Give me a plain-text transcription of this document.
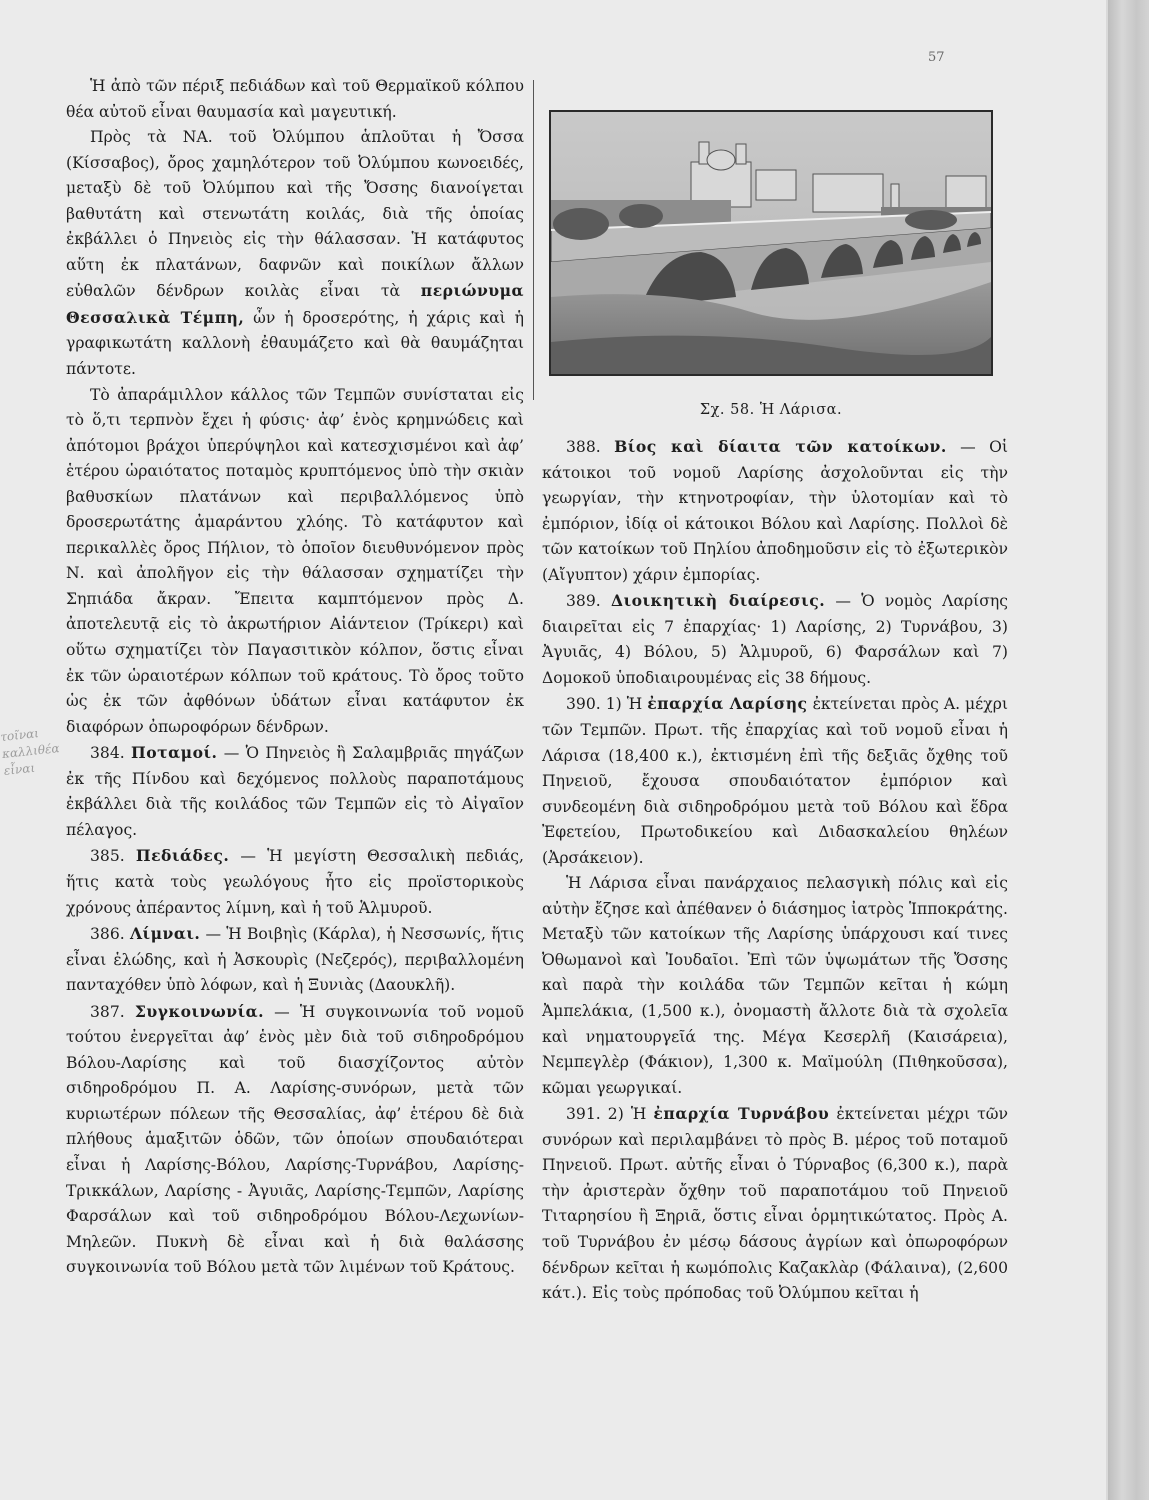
57

Ἡ ἀπὸ τῶν πέριξ πεδιάδων καὶ τοῦ Θερμαϊκοῦ κόλπου θέα αὐτοῦ εἶναι θαυμασία καὶ μαγευτική.

Πρὸς τὰ ΝΑ. τοῦ Ὀλύμπου ἁπλοῦται ἡ Ὄσσα (Κίσσαβος), ὄρος χαμηλότερον τοῦ Ὀλύμπου κωνοειδές, μεταξὺ δὲ τοῦ Ὀλύμπου καὶ τῆς Ὄσσης διανοίγεται βαθυτάτη καὶ στενωτάτη κοιλάς, διὰ τῆς ὁποίας ἐκβάλλει ὁ Πηνειὸς εἰς τὴν θάλασσαν. Ἡ κατάφυτος αὕτη ἐκ πλατάνων, δαφνῶν καὶ ποικίλων ἄλλων εὐθαλῶν δένδρων κοιλὰς εἶναι τὰ περιώνυμα Θεσσαλικὰ Τέμπη, ὧν ἡ δροσερότης, ἡ χάρις καὶ ἡ γραφικωτάτη καλλονὴ ἐθαυμάζετο καὶ θὰ θαυμάζηται πάντοτε.

Τὸ ἀπαράμιλλον κάλλος τῶν Τεμπῶν συνίσταται εἰς τὸ ὅ,τι τερπνὸν ἔχει ἡ φύσις· ἀφ’ ἑνὸς κρημνώδεις καὶ ἀπότομοι βράχοι ὑπερύψηλοι καὶ κατεσχισμένοι καὶ ἀφ’ ἑτέρου ὡραιότατος ποταμὸς κρυπτόμενος ὑπὸ τὴν σκιὰν βαθυσκίων πλατάνων καὶ περιβαλλόμενος ὑπὸ δροσερωτάτης ἀμαράντου χλόης. Τὸ κατάφυτον καὶ περικαλλὲς ὄρος Πήλιον, τὸ ὁποῖον διευθυνόμενον πρὸς Ν. καὶ ἀπολῆγον εἰς τὴν θάλασσαν σχηματίζει τὴν Σηπιάδα ἄκραν. Ἔπειτα καμπτόμενον πρὸς Δ. ἀποτελευτᾷ εἰς τὸ ἀκρωτήριον Αἰάντειον (Τρίκερι) καὶ οὕτω σχηματίζει τὸν Παγασιτικὸν κόλπον, ὅστις εἶναι ἐκ τῶν ὡραιοτέρων κόλπων τοῦ κράτους. Τὸ ὄρος τοῦτο ὡς ἐκ τῶν ἀφθόνων ὑδάτων εἶναι κατάφυτον ἐκ διαφόρων ὀπωροφόρων δένδρων.

384. Ποταμοί. — Ὁ Πηνειὸς ἢ Σαλαμβριᾶς πηγάζων ἐκ τῆς Πίνδου καὶ δεχόμενος πολλοὺς παραποτάμους ἐκβάλλει διὰ τῆς κοιλάδος τῶν Τεμπῶν εἰς τὸ Αἰγαῖον πέλαγος.

385. Πεδιάδες. — Ἡ μεγίστη Θεσσαλικὴ πεδιάς, ἥτις κατὰ τοὺς γεωλόγους ἦτο εἰς προϊστορικοὺς χρόνους ἀπέραντος λίμνη, καὶ ἡ τοῦ Ἁλμυροῦ.

386. Λίμναι. — Ἡ Βοιβηὶς (Κάρλα), ἡ Νεσσωνίς, ἥτις εἶναι ἑλώδης, καὶ ἡ Ἀσκουρὶς (Νεζερός), περιβαλλομένη πανταχόθεν ὑπὸ λόφων, καὶ ἡ Ξυνιὰς (Δαουκλῆ).

387. Συγκοινωνία. — Ἡ συγκοινωνία τοῦ νομοῦ τούτου ἐνεργεῖται ἀφ’ ἑνὸς μὲν διὰ τοῦ σιδηροδρόμου Βόλου-Λαρίσης καὶ τοῦ διασχίζοντος αὐτὸν σιδηροδρόμου Π. Α. Λαρίσης-συνόρων, μετὰ τῶν κυριωτέρων πόλεων τῆς Θεσσαλίας, ἀφ’ ἑτέρου δὲ διὰ πλήθους ἁμαξιτῶν ὁδῶν, τῶν ὁποίων σπουδαιότεραι εἶναι ἡ Λαρίσης-Βόλου, Λαρίσης-Τυρνάβου, Λαρίσης-Τρικκάλων, Λαρίσης - Ἀγυιᾶς, Λαρίσης-Τεμπῶν, Λαρίσης Φαρσάλων καὶ τοῦ σιδηροδρόμου Βόλου-Λεχωνίων-Μηλεῶν. Πυκνὴ δὲ εἶναι καὶ ἡ διὰ θαλάσσης συγκοινωνία τοῦ Βόλου μετὰ τῶν λιμένων τοῦ Κράτους.

Σχ. 58. Ἡ Λάρισα.

388. Βίος καὶ δίαιτα τῶν κατοίκων. — Οἱ κάτοικοι τοῦ νομοῦ Λαρίσης ἀσχολοῦνται εἰς τὴν γεωργίαν, τὴν κτηνοτροφίαν, τὴν ὑλοτομίαν καὶ τὸ ἐμπόριον, ἰδίᾳ οἱ κάτοικοι Βόλου καὶ Λαρίσης. Πολλοὶ δὲ τῶν κατοίκων τοῦ Πηλίου ἀποδημοῦσιν εἰς τὸ ἐξωτερικὸν (Αἴγυπτον) χάριν ἐμπορίας.

389. Διοικητικὴ διαίρεσις. — Ὁ νομὸς Λαρίσης διαιρεῖται εἰς 7 ἐπαρχίας· 1) Λαρίσης, 2) Τυρνάβου, 3) Ἀγυιᾶς, 4) Βόλου, 5) Ἁλμυροῦ, 6) Φαρσάλων καὶ 7) Δομοκοῦ ὑποδιαιρουμένας εἰς 38 δήμους.

390. 1) Ἡ ἐπαρχία Λαρίσης ἐκτείνεται πρὸς Α. μέχρι τῶν Τεμπῶν. Πρωτ. τῆς ἐπαρχίας καὶ τοῦ νομοῦ εἶναι ἡ Λάρισα (18,400 κ.), ἐκτισμένη ἐπὶ τῆς δεξιᾶς ὄχθης τοῦ Πηνειοῦ, ἔχουσα σπουδαιότατον ἐμπόριον καὶ συνδεομένη διὰ σιδηροδρόμου μετὰ τοῦ Βόλου καὶ ἕδρα Ἐφετείου, Πρωτοδικείου καὶ Διδασκαλείου θηλέων (Ἀρσάκειον).

Ἡ Λάρισα εἶναι πανάρχαιος πελασγικὴ πόλις καὶ εἰς αὐτὴν ἔζησε καὶ ἀπέθανεν ὁ διάσημος ἰατρὸς Ἱπποκράτης. Μεταξὺ τῶν κατοίκων τῆς Λαρίσης ὑπάρχουσι καί τινες Ὀθωμανοὶ καὶ Ἰουδαῖοι. Ἐπὶ τῶν ὑψωμάτων τῆς Ὄσσης καὶ παρὰ τὴν κοιλάδα τῶν Τεμπῶν κεῖται ἡ κώμη Ἀμπελάκια, (1,500 κ.), ὀνομαστὴ ἄλλοτε διὰ τὰ σχολεῖα καὶ νηματουργεῖά της. Μέγα Κεσερλῆ (Καισάρεια), Νεμπεγλὲρ (Φάκιον), 1,300 κ. Μαϊμούλη (Πιθηκοῦσσα), κῶμαι γεωργικαί.

391. 2) Ἡ ἐπαρχία Τυρνάβου ἐκτείνεται μέχρι τῶν συνόρων καὶ περιλαμβάνει τὸ πρὸς Β. μέρος τοῦ ποταμοῦ Πηνειοῦ. Πρωτ. αὐτῆς εἶναι ὁ Τύρναβος (6,300 κ.), παρὰ τὴν ἀριστερὰν ὄχθην τοῦ παραποτάμου τοῦ Πηνειοῦ Τιταρησίου ἢ Ξηριᾶ, ὅστις εἶναι ὁρμητικώτατος. Πρὸς Α. τοῦ Τυρνάβου ἐν μέσῳ δάσους ἀγρίων καὶ ὀπωροφόρων δένδρων κεῖται ἡ κωμόπολις Καζακλὰρ (Φάλαινα), (2,600 κάτ.). Εἰς τοὺς πρόποδας τοῦ Ὀλύμπου κεῖται ἡ

τοῖναι καλλιθέα εἶναι
